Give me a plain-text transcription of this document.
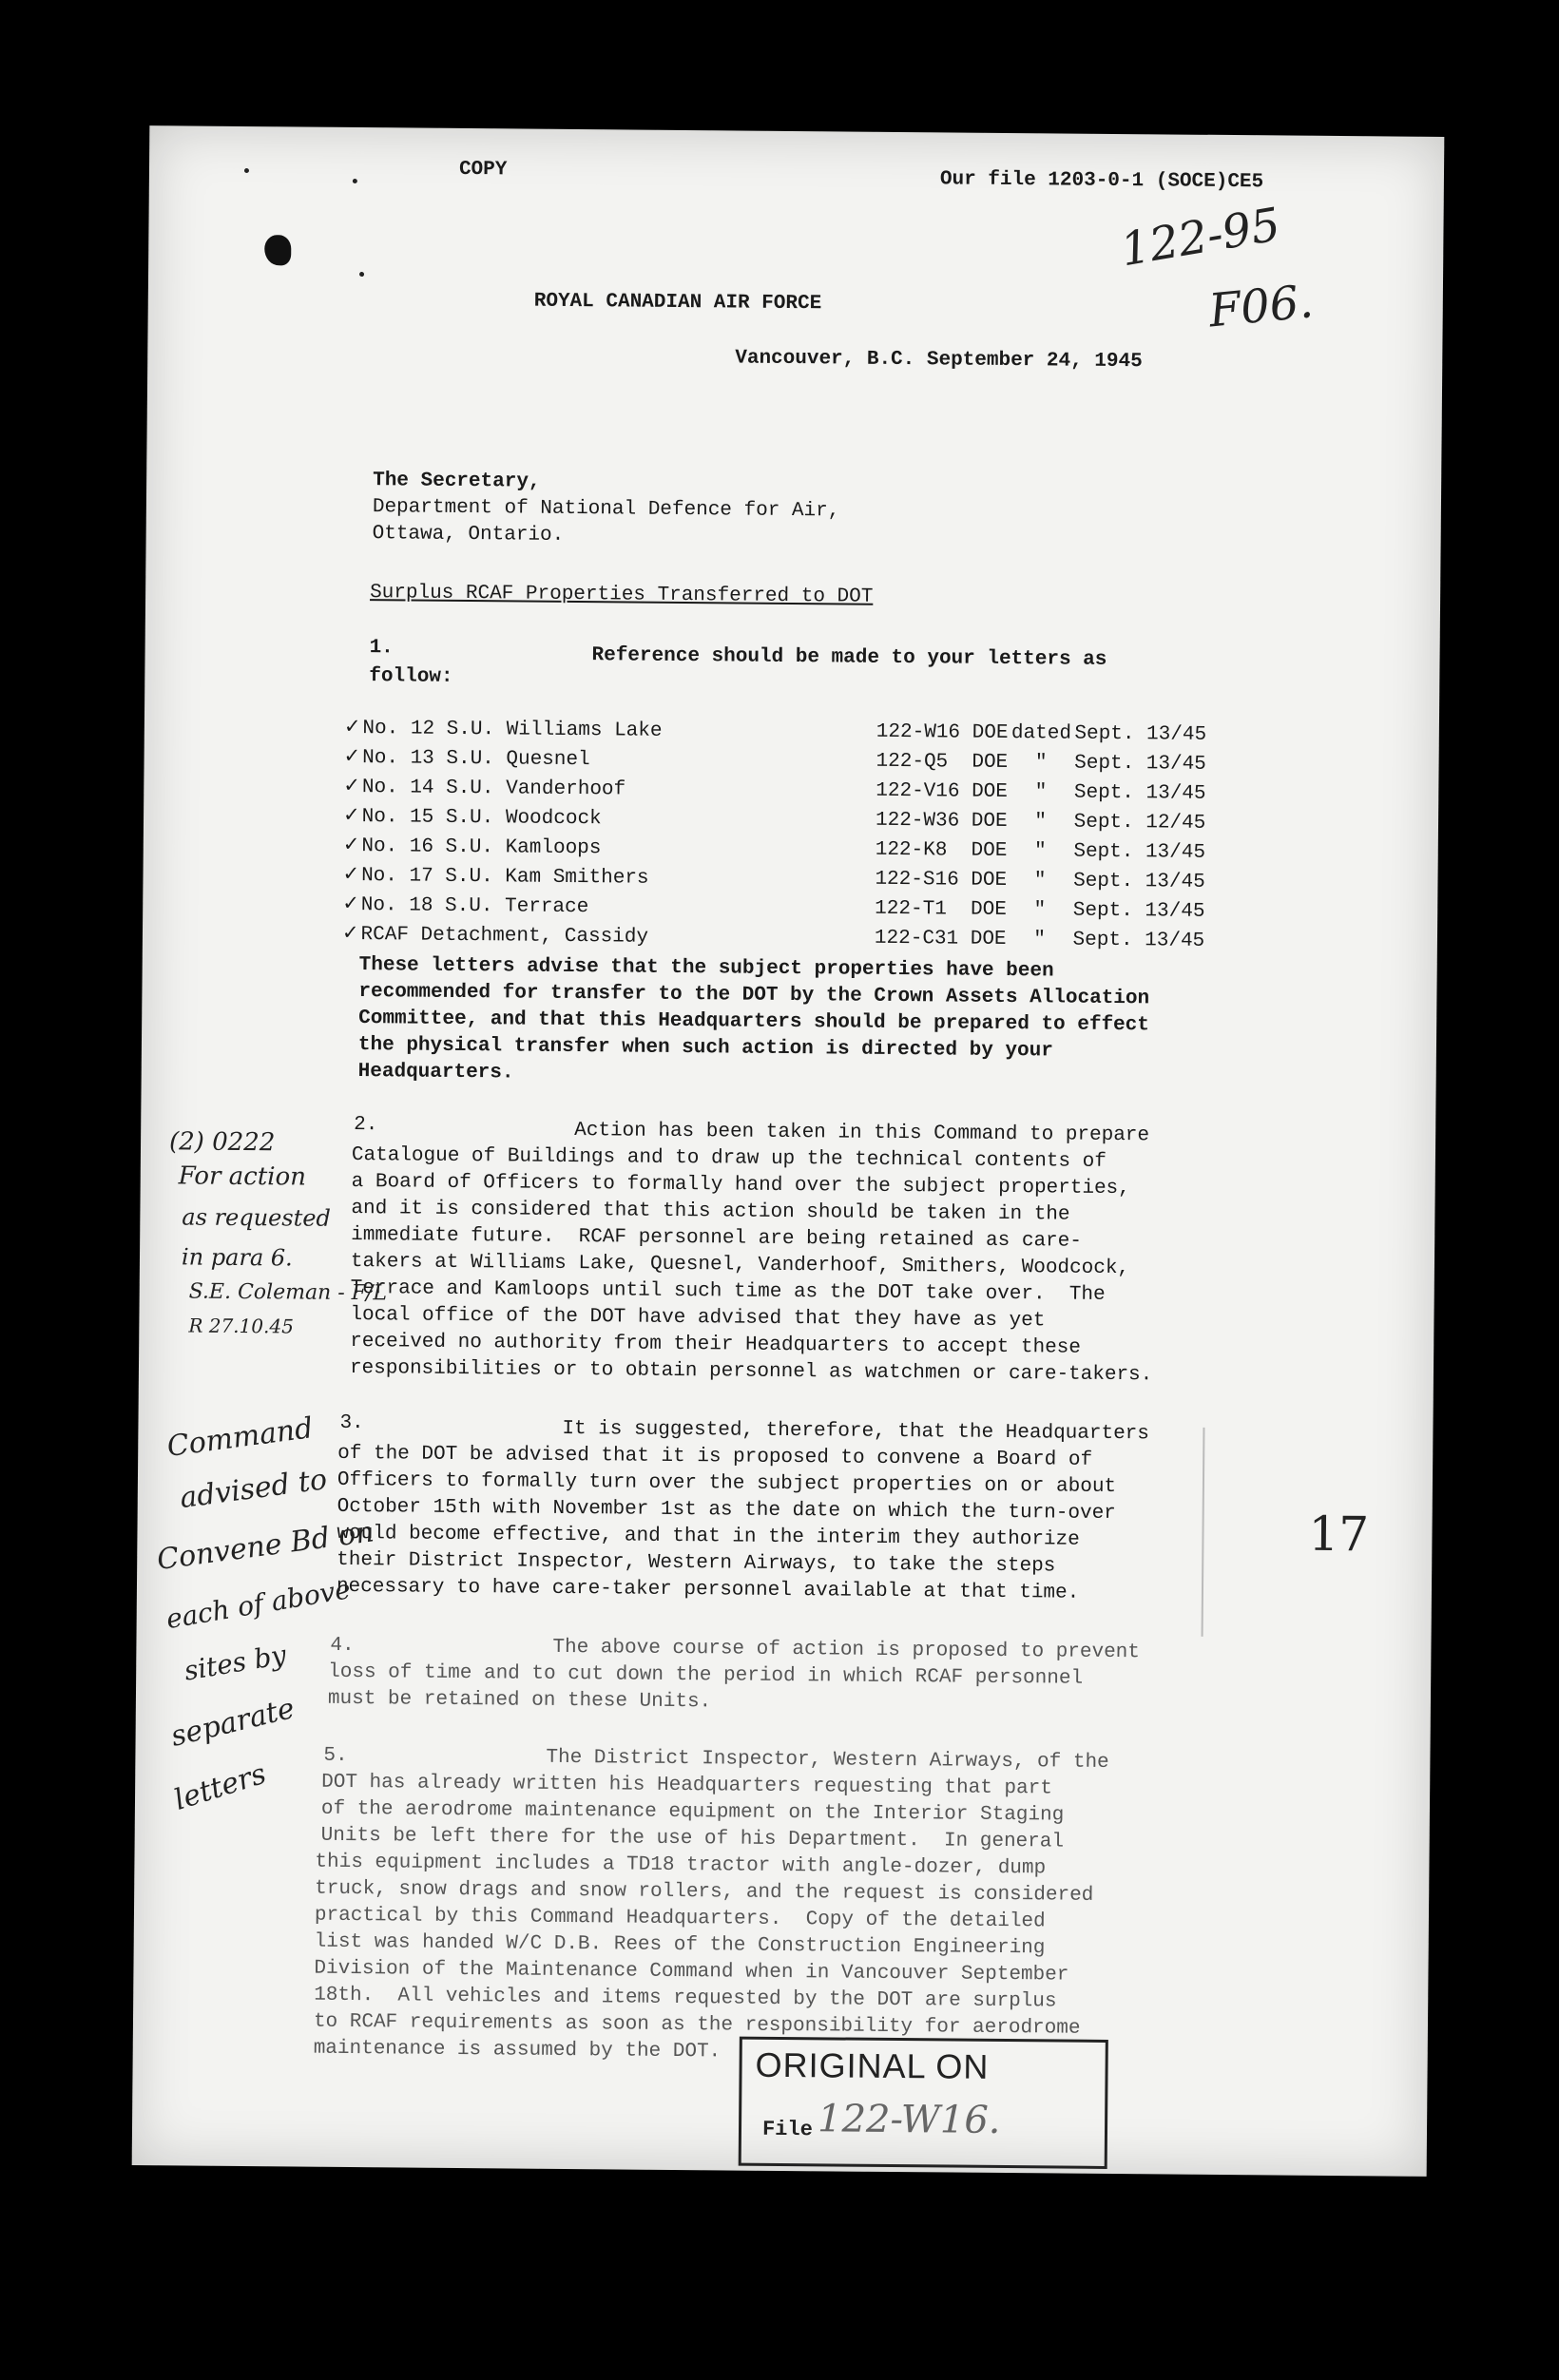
COPY	Our file 1203-0-1 (SOCE)CE5
122-95
F06.
ROYAL CANADIAN AIR FORCE
Vancouver, B.C. September 24, 1945
The Secretary,
Department of National Defence for Air,
Ottawa, Ontario.
Surplus RCAF Properties Transferred to DOT
1.	Reference should be made to your letters as
follow:
✓No. 12 S.U. Williams Lake	122-W16 DOE	dated	Sept. 13/45
✓No. 13 S.U. Quesnel	122-Q5  DOE	"	Sept. 13/45
✓No. 14 S.U. Vanderhoof	122-V16 DOE	"	Sept. 13/45
✓No. 15 S.U. Woodcock	122-W36 DOE	"	Sept. 12/45
✓No. 16 S.U. Kamloops	122-K8  DOE	"	Sept. 13/45
✓No. 17 S.U. Kam Smithers	122-S16 DOE	"	Sept. 13/45
✓No. 18 S.U. Terrace	122-T1  DOE	"	Sept. 13/45
✓RCAF Detachment, Cassidy	122-C31 DOE	"	Sept. 13/45
These letters advise that the subject properties have been recommended for transfer to the DOT by the Crown Assets Allocation Committee, and that this Headquarters should be prepared to effect the physical transfer when such action is directed by your Headquarters.
2.	Action has been taken in this Command to prepare
Catalogue of Buildings and to draw up the technical contents of
a Board of Officers to formally hand over the subject properties,
and it is considered that this action should be taken in the
immediate future.  RCAF personnel are being retained as care-
takers at Williams Lake, Quesnel, Vanderhoof, Smithers, Woodcock,
Terrace and Kamloops until such time as the DOT take over.  The
local office of the DOT have advised that they have as yet
received no authority from their Headquarters to accept these
responsibilities or to obtain personnel as watchmen or care-takers.
3.	It is suggested, therefore, that the Headquarters
of the DOT be advised that it is proposed to convene a Board of
Officers to formally turn over the subject properties on or about
October 15th with November 1st as the date on which the turn-over
would become effective, and that in the interim they authorize
their District Inspector, Western Airways, to take the steps
necessary to have care-taker personnel available at that time.
4.	The above course of action is proposed to prevent
loss of time and to cut down the period in which RCAF personnel
must be retained on these Units.
5.	The District Inspector, Western Airways, of the
DOT has already written his Headquarters requesting that part
of the aerodrome maintenance equipment on the Interior Staging
Units be left there for the use of his Department.  In general
this equipment includes a TD18 tractor with angle-dozer, dump
truck, snow drags and snow rollers, and the request is considered
practical by this Command Headquarters.  Copy of the detailed
list was handed W/C D.B. Rees of the Construction Engineering
Division of the Maintenance Command when in Vancouver September
18th.  All vehicles and items requested by the DOT are surplus
to RCAF requirements as soon as the responsibility for aerodrome
maintenance is assumed by the DOT. ORIGINAL ON
File 122-W16.
(2) 0222
For action
as requested
in para 6.
S.E. Coleman - F/L
R 27.10.45
Command
advised to
Convene Bd on
each of above
sites by
separate
letters
17
